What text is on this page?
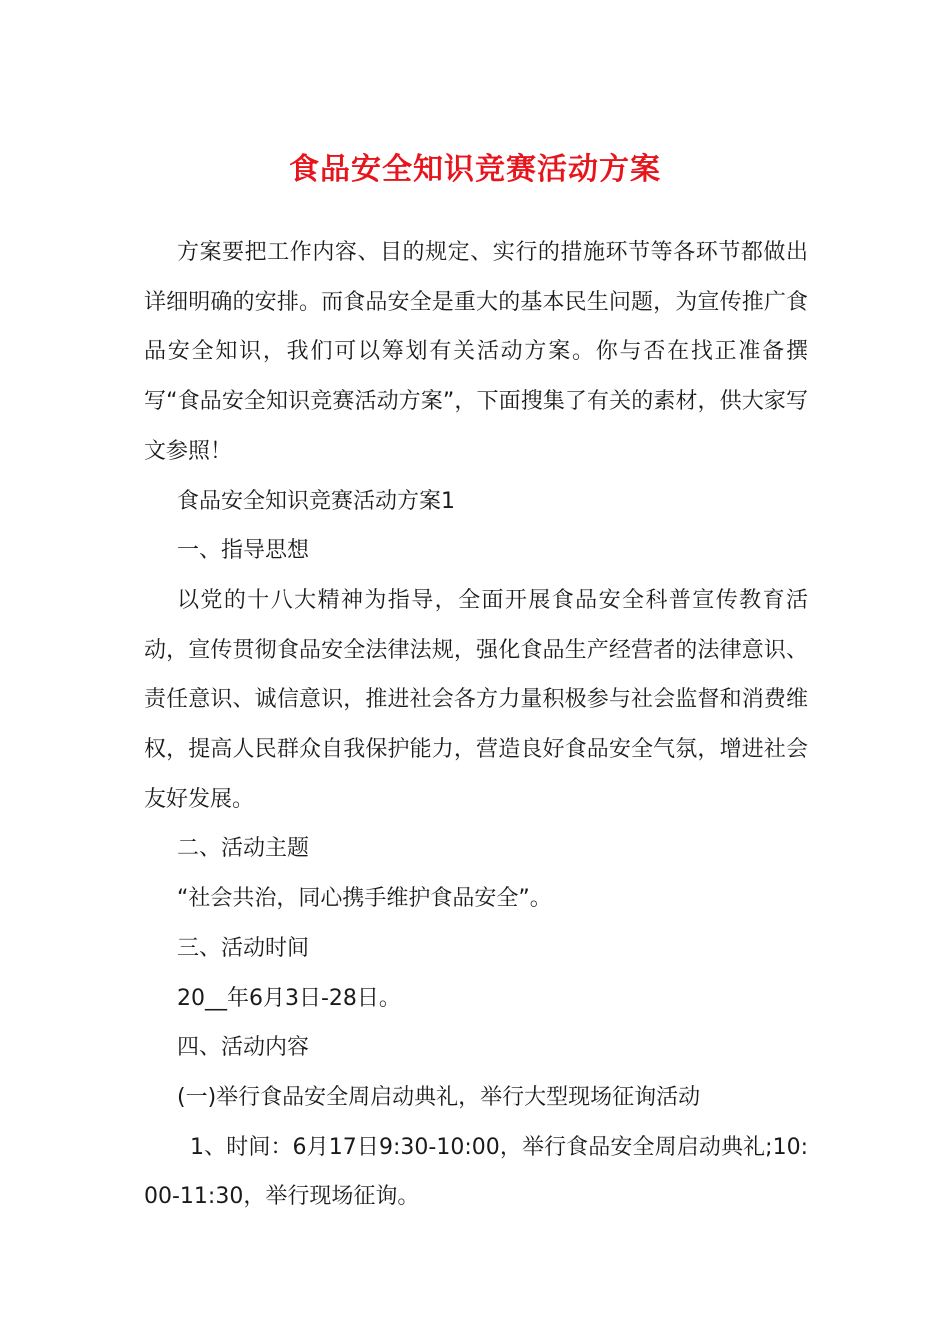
食品安全知识竞赛活动方案

方案要把工作内容、目的规定、实行的措施环节等各环节都做出详细明确的安排。而食品安全是重大的基本民生问题，为宣传推广食品安全知识，我们可以筹划有关活动方案。你与否在找正准备撰写“食品安全知识竞赛活动方案”，下面搜集了有关的素材，供大家写文参照！

食品安全知识竞赛活动方案1

一、指导思想

以党的十八大精神为指导，全面开展食品安全科普宣传教育活动，宣传贯彻食品安全法律法规，强化食品生产经营者的法律意识、责任意识、诚信意识，推进社会各方力量积极参与社会监督和消费维权，提高人民群众自我保护能力，营造良好食品安全气氛，增进社会友好发展。

二、活动主题

“社会共治，同心携手维护食品安全”。

三、活动时间

20__年6月3日-28日。

四、活动内容

(一)举行食品安全周启动典礼，举行大型现场征询活动

1、时间：6月17日9:30-10:00，举行食品安全周启动典礼;10:00-11:30，举行现场征询。
